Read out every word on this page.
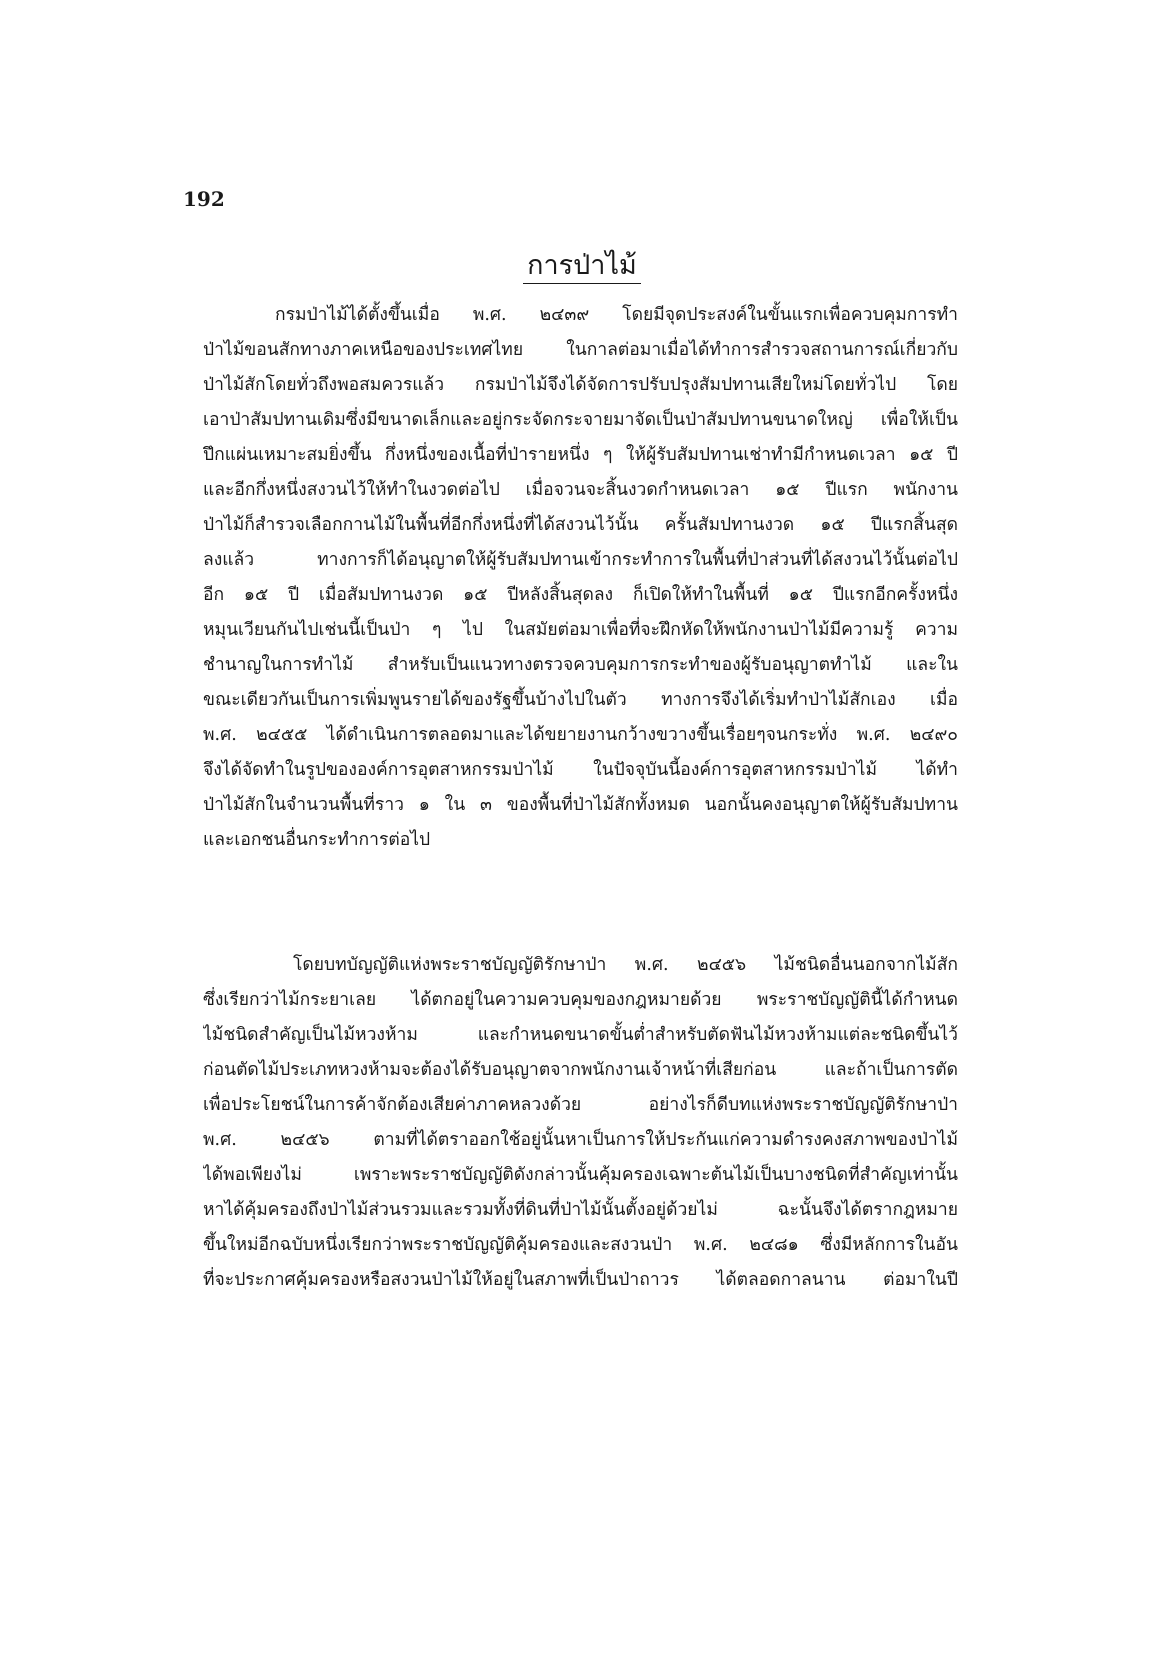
192
การป่าไม้
กรมป่าไม้ได้ตั้งขึ้นเมื่อ พ.ศ. ๒๔๓๙ โดยมีจุดประสงค์ในขั้นแรกเพื่อควบคุมการทำ
ป่าไม้ขอนสักทางภาคเหนือของประเทศไทย ในกาลต่อมาเมื่อได้ทำการสำรวจสถานการณ์เกี่ยวกับ
ป่าไม้สักโดยทั่วถึงพอสมควรแล้ว กรมป่าไม้จึงได้จัดการปรับปรุงสัมปทานเสียใหม่โดยทั่วไป โดย
เอาป่าสัมปทานเดิมซึ่งมีขนาดเล็กและอยู่กระจัดกระจายมาจัดเป็นป่าสัมปทานขนาดใหญ่ เพื่อให้เป็น
ปึกแผ่นเหมาะสมยิ่งขึ้น กึ่งหนึ่งของเนื้อที่ป่ารายหนึ่ง ๆ ให้ผู้รับสัมปทานเช่าทำมีกำหนดเวลา ๑๕ ปี
และอีกกึ่งหนึ่งสงวนไว้ให้ทำในงวดต่อไป เมื่อจวนจะสิ้นงวดกำหนดเวลา ๑๕ ปีแรก พนักงาน
ป่าไม้ก็สำรวจเลือกกานไม้ในพื้นที่อีกกึ่งหนึ่งที่ได้สงวนไว้นั้น ครั้นสัมปทานงวด ๑๕ ปีแรกสิ้นสุด
ลงแล้ว ทางการก็ได้อนุญาตให้ผู้รับสัมปทานเข้ากระทำการในพื้นที่ป่าส่วนที่ได้สงวนไว้นั้นต่อไป
อีก ๑๕ ปี เมื่อสัมปทานงวด ๑๕ ปีหลังสิ้นสุดลง ก็เปิดให้ทำในพื้นที่ ๑๕ ปีแรกอีกครั้งหนึ่ง
หมุนเวียนกันไปเช่นนี้เป็นป่า ๆ ไป ในสมัยต่อมาเพื่อที่จะฝึกหัดให้พนักงานป่าไม้มีความรู้ ความ
ชำนาญในการทำไม้ สำหรับเป็นแนวทางตรวจควบคุมการกระทำของผู้รับอนุญาตทำไม้ และใน
ขณะเดียวกันเป็นการเพิ่มพูนรายได้ของรัฐขึ้นบ้างไปในตัว ทางการจึงได้เริ่มทำป่าไม้สักเอง เมื่อ
พ.ศ. ๒๔๕๕ ได้ดำเนินการตลอดมาและได้ขยายงานกว้างขวางขึ้นเรื่อยๆจนกระทั่ง พ.ศ. ๒๔๙๐
จึงได้จัดทำในรูปขององค์การอุตสาหกรรมป่าไม้ ในปัจจุบันนี้องค์การอุตสาหกรรมป่าไม้ ได้ทำ
ป่าไม้สักในจำนวนพื้นที่ราว ๑ ใน ๓ ของพื้นที่ป่าไม้สักทั้งหมด นอกนั้นคงอนุญาตให้ผู้รับสัมปทาน
และเอกชนอื่นกระทำการต่อไป
โดยบทบัญญัติแห่งพระราชบัญญัติรักษาป่า พ.ศ. ๒๔๕๖ ไม้ชนิดอื่นนอกจากไม้สัก
ซึ่งเรียกว่าไม้กระยาเลย ได้ตกอยู่ในความควบคุมของกฎหมายด้วย พระราชบัญญัตินี้ได้กำหนด
ไม้ชนิดสำคัญเป็นไม้หวงห้าม และกำหนดขนาดขั้นต่ำสำหรับตัดฟันไม้หวงห้ามแต่ละชนิดขึ้นไว้
ก่อนตัดไม้ประเภทหวงห้ามจะต้องได้รับอนุญาตจากพนักงานเจ้าหน้าที่เสียก่อน และถ้าเป็นการตัด
เพื่อประโยชน์ในการค้าจักต้องเสียค่าภาคหลวงด้วย อย่างไรก็ดีบทแห่งพระราชบัญญัติรักษาป่า
พ.ศ. ๒๔๕๖ ตามที่ได้ตราออกใช้อยู่นั้นหาเป็นการให้ประกันแก่ความดำรงคงสภาพของป่าไม้
ได้พอเพียงไม่ เพราะพระราชบัญญัติดังกล่าวนั้นคุ้มครองเฉพาะต้นไม้เป็นบางชนิดที่สำคัญเท่านั้น
หาได้คุ้มครองถึงป่าไม้ส่วนรวมและรวมทั้งที่ดินที่ป่าไม้นั้นตั้งอยู่ด้วยไม่ ฉะนั้นจึงได้ตรากฎหมาย
ขึ้นใหม่อีกฉบับหนึ่งเรียกว่าพระราชบัญญัติคุ้มครองและสงวนป่า พ.ศ. ๒๔๘๑ ซึ่งมีหลักการในอัน
ที่จะประกาศคุ้มครองหรือสงวนป่าไม้ให้อยู่ในสภาพที่เป็นป่าถาวร ได้ตลอดกาลนาน ต่อมาในปี
